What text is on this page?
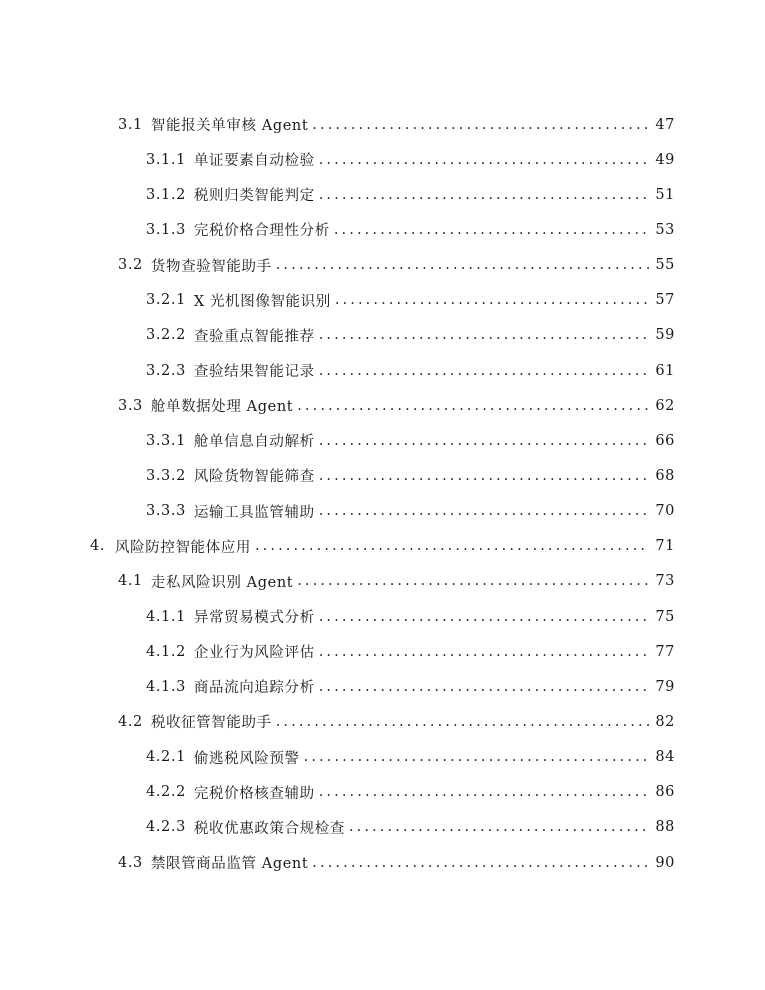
3.1 智能报关单审核 Agent .....	47
3.1.1 单证要素自动检验 .....	49
3.1.2 税则归类智能判定 .....	51
3.1.3 完税价格合理性分析 .....	53
3.2 货物查验智能助手 .....	55
3.2.1 X 光机图像智能识别 .....	57
3.2.2 查验重点智能推荐 .....	59
3.2.3 查验结果智能记录 .....	61
3.3 舱单数据处理 Agent .....	62
3.3.1 舱单信息自动解析 .....	66
3.3.2 风险货物智能筛查 .....	68
3.3.3 运输工具监管辅助 .....	70
4. 风险防控智能体应用 .....	71
4.1 走私风险识别 Agent .....	73
4.1.1 异常贸易模式分析 .....	75
4.1.2 企业行为风险评估 .....	77
4.1.3 商品流向追踪分析 .....	79
4.2 税收征管智能助手 .....	82
4.2.1 偷逃税风险预警 .....	84
4.2.2 完税价格核查辅助 .....	86
4.2.3 税收优惠政策合规检查 .....	88
4.3 禁限管商品监管 Agent .....	90
